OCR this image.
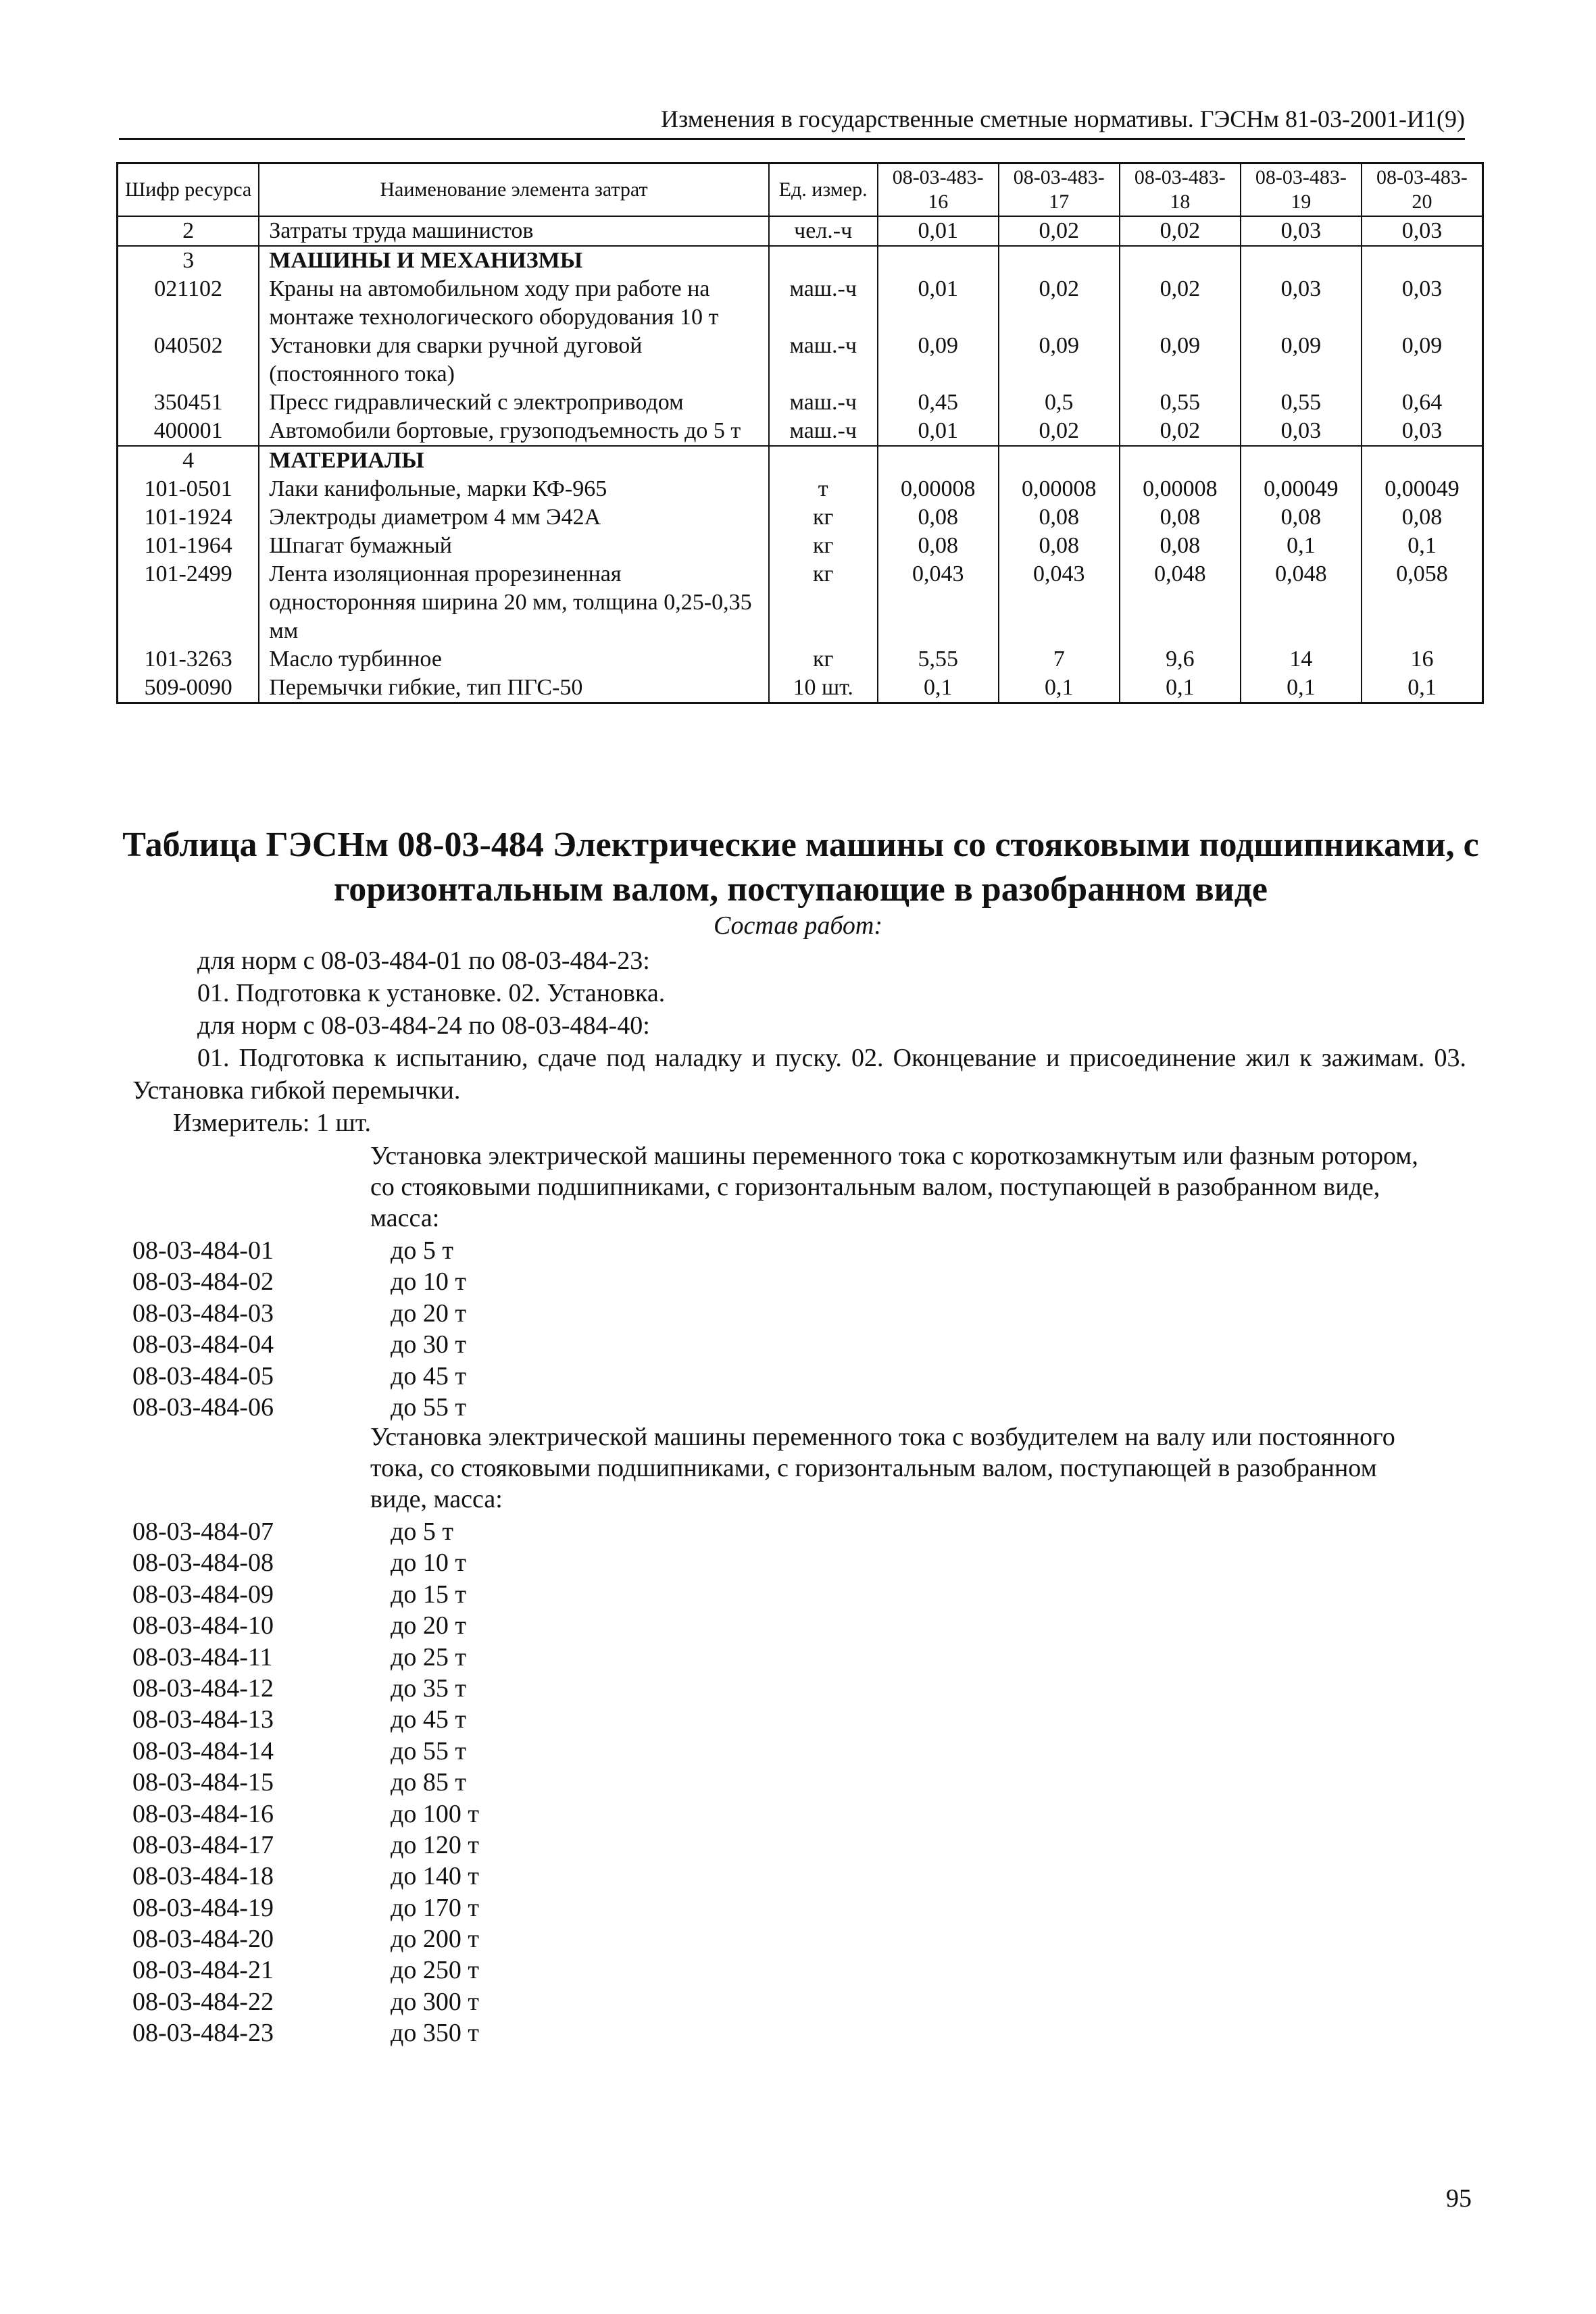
Изменения в государственные сметные нормативы. ГЭСНм 81-03-2001-И1(9)
Шифр ресурса	Наименование элемента затрат	Ед. измер.	08-03-483-16	08-03-483-17	08-03-483-18	08-03-483-19	08-03-483-20
2	Затраты труда машинистов	чел.-ч	0,01	0,02	0,02	0,03	0,03
3	МАШИНЫ И МЕХАНИЗМЫ						
021102	Краны на автомобильном ходу при работе на монтаже технологического оборудования 10 т	маш.-ч	0,01	0,02	0,02	0,03	0,03
040502	Установки для сварки ручной дуговой (постоянного тока)	маш.-ч	0,09	0,09	0,09	0,09	0,09
350451	Пресс гидравлический с электроприводом	маш.-ч	0,45	0,5	0,55	0,55	0,64
400001	Автомобили бортовые, грузоподъемность до 5 т	маш.-ч	0,01	0,02	0,02	0,03	0,03
4	МАТЕРИАЛЫ						
101-0501	Лаки канифольные, марки КФ-965	т	0,00008	0,00008	0,00008	0,00049	0,00049
101-1924	Электроды диаметром 4 мм Э42А	кг	0,08	0,08	0,08	0,08	0,08
101-1964	Шпагат бумажный	кг	0,08	0,08	0,08	0,1	0,1
101-2499	Лента изоляционная прорезиненная односторонняя ширина 20 мм, толщина 0,25-0,35 мм	кг	0,043	0,043	0,048	0,048	0,058
101-3263	Масло турбинное	кг	5,55	7	9,6	14	16
509-0090	Перемычки гибкие, тип ПГС-50	10 шт.	0,1	0,1	0,1	0,1	0,1
Таблица ГЭСНм 08-03-484 Электрические машины со стояковыми подшипниками, с горизонтальным валом, поступающие в разобранном виде
Состав работ:
для норм с 08-03-484-01 по 08-03-484-23:
01. Подготовка к установке. 02. Установка.
для норм с 08-03-484-24 по 08-03-484-40:
01. Подготовка к испытанию, сдаче под наладку и пуску. 02. Оконцевание и присоединение жил к зажимам. 03. Установка гибкой перемычки.
Измеритель: 1 шт.
Установка электрической машины переменного тока с короткозамкнутым или фазным ротором, со стояковыми подшипниками, с горизонтальным валом, поступающей в разобранном виде, масса:
08-03-484-01	до 5 т
08-03-484-02	до 10 т
08-03-484-03	до 20 т
08-03-484-04	до 30 т
08-03-484-05	до 45 т
08-03-484-06	до 55 т
Установка электрической машины переменного тока с возбудителем на валу или постоянного тока, со стояковыми подшипниками, с горизонтальным валом, поступающей в разобранном виде, масса:
08-03-484-07	до 5 т
08-03-484-08	до 10 т
08-03-484-09	до 15 т
08-03-484-10	до 20 т
08-03-484-11	до 25 т
08-03-484-12	до 35 т
08-03-484-13	до 45 т
08-03-484-14	до 55 т
08-03-484-15	до 85 т
08-03-484-16	до 100 т
08-03-484-17	до 120 т
08-03-484-18	до 140 т
08-03-484-19	до 170 т
08-03-484-20	до 200 т
08-03-484-21	до 250 т
08-03-484-22	до 300 т
08-03-484-23	до 350 т
95
